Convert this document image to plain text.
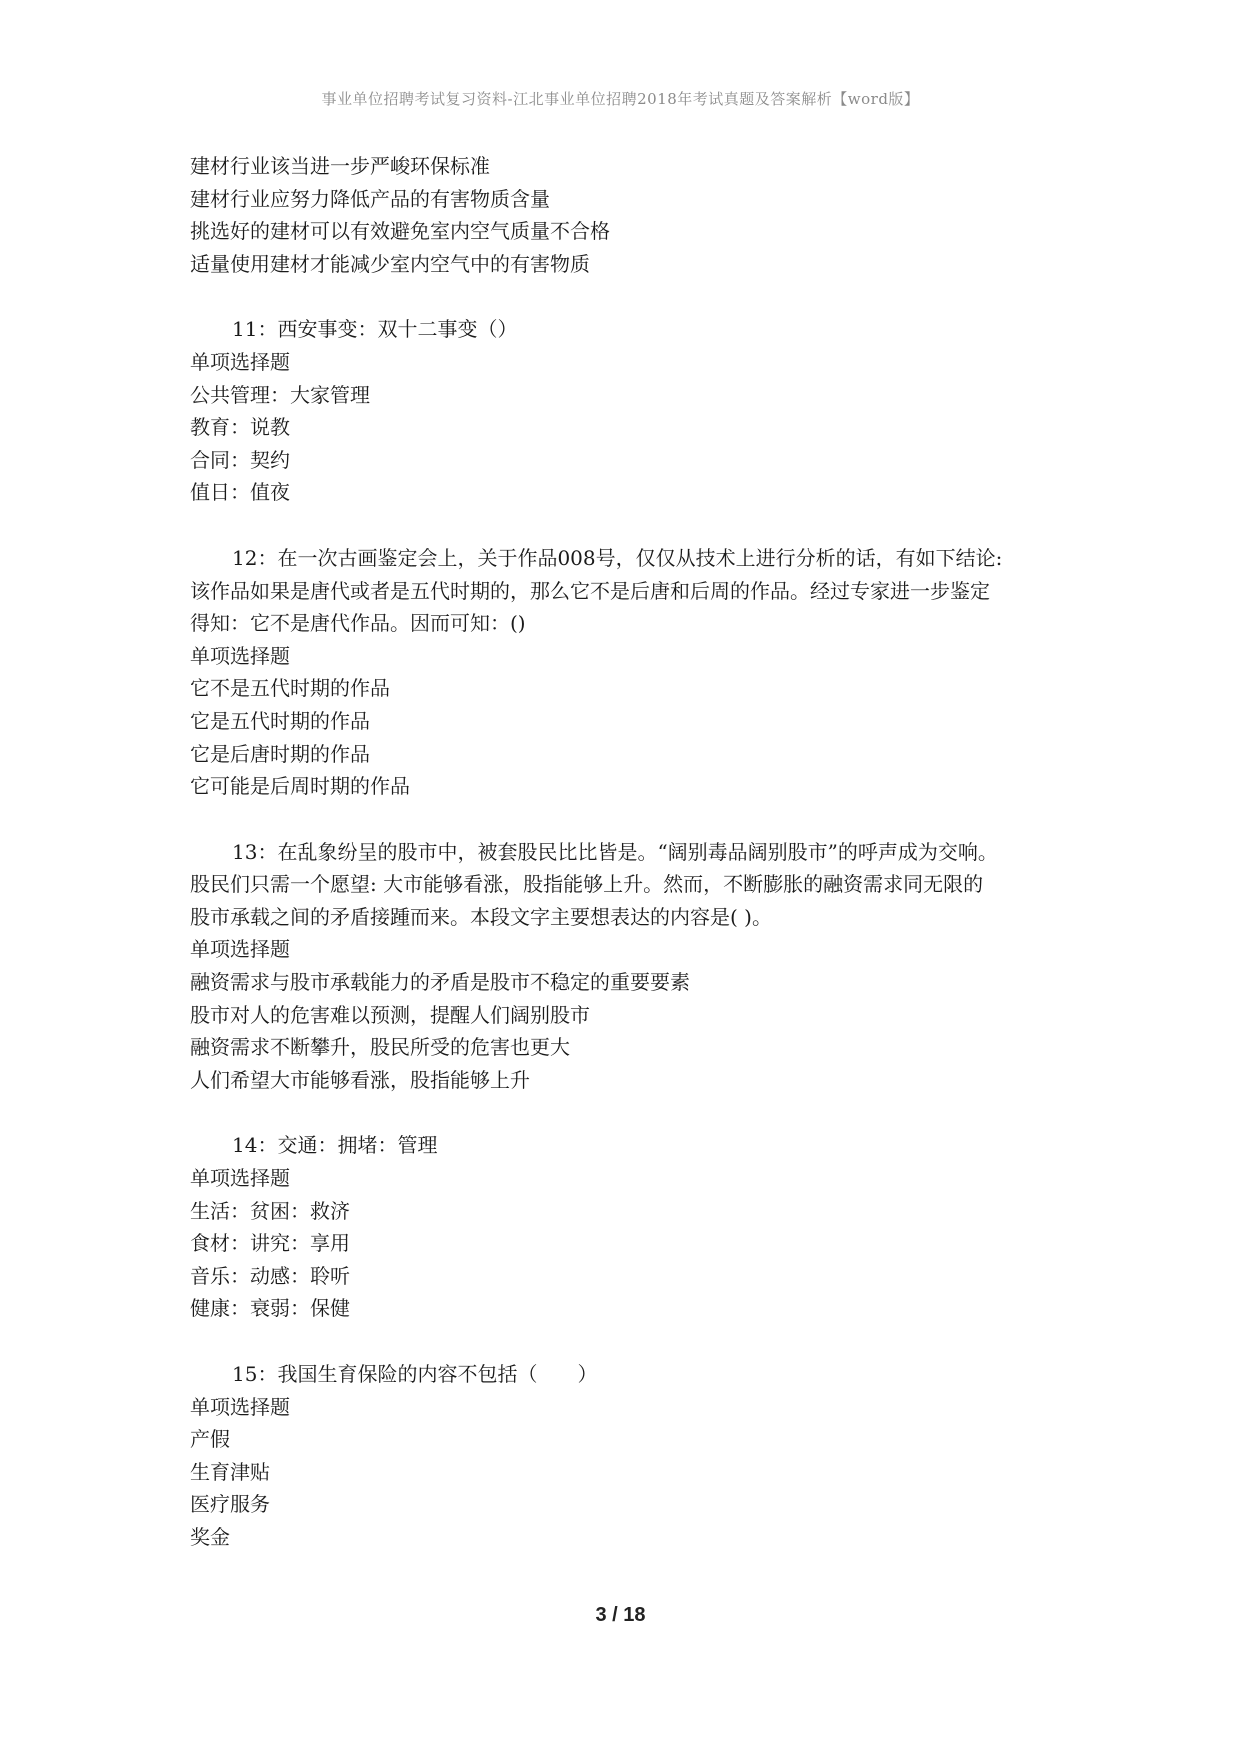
事业单位招聘考试复习资料-江北事业单位招聘2018年考试真题及答案解析【word版】
建材行业该当进一步严峻环保标准
建材行业应努力降低产品的有害物质含量
挑选好的建材可以有效避免室内空气质量不合格
适量使用建材才能减少室内空气中的有害物质
11：西安事变：双十二事变（）
单项选择题
公共管理：大家管理
教育：说教
合同：契约
值日：值夜
12：在一次古画鉴定会上，关于作品008号，仅仅从技术上进行分析的话，有如下结论:
该作品如果是唐代或者是五代时期的，那么它不是后唐和后周的作品。经过专家进一步鉴定
得知：它不是唐代作品。因而可知：()
单项选择题
它不是五代时期的作品
它是五代时期的作品
它是后唐时期的作品
它可能是后周时期的作品
13：在乱象纷呈的股市中，被套股民比比皆是。“阔别毒品阔别股市”的呼声成为交响。
股民们只需一个愿望: 大市能够看涨，股指能够上升。然而，不断膨胀的融资需求同无限的
股市承载之间的矛盾接踵而来。本段文字主要想表达的内容是( )。
单项选择题
融资需求与股市承载能力的矛盾是股市不稳定的重要要素
股市对人的危害难以预测，提醒人们阔别股市
融资需求不断攀升，股民所受的危害也更大
人们希望大市能够看涨，股指能够上升
14：交通：拥堵：管理
单项选择题
生活：贫困：救济
食材：讲究：享用
音乐：动感：聆听
健康：衰弱：保健
15：我国生育保险的内容不包括（　　）
单项选择题
产假
生育津贴
医疗服务
奖金
3 / 18
